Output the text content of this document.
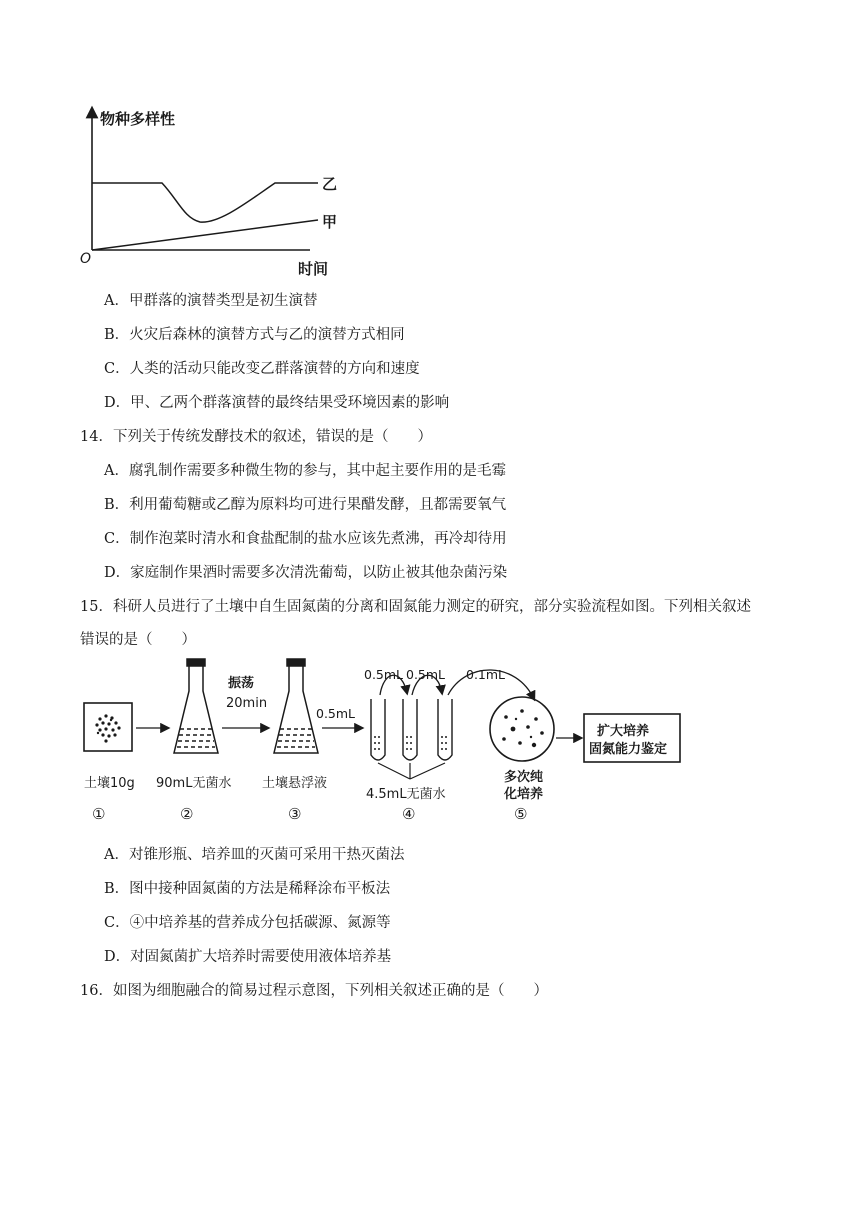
物种多样性
时间
O
乙
甲
A．甲群落的演替类型是初生演替
B．火灾后森林的演替方式与乙的演替方式相同
C．人类的活动只能改变乙群落演替的方向和速度
D．甲、乙两个群落演替的最终结果受环境因素的影响
14．下列关于传统发酵技术的叙述，错误的是（　　）
A．腐乳制作需要多种微生物的参与，其中起主要作用的是毛霉
B．利用葡萄糖或乙醇为原料均可进行果醋发酵，且都需要氧气
C．制作泡菜时清水和食盐配制的盐水应该先煮沸，再冷却待用
D．家庭制作果酒时需要多次清洗葡萄，以防止被其他杂菌污染
15．科研人员进行了土壤中自生固氮菌的分离和固氮能力测定的研究，部分实验流程如图。下列相关叙述
错误的是（　　）
振荡
20min
0.5mL
0.5mL 0.5mL 0.1mL
扩大培养
固氮能力鉴定
土壤10g 90mL无菌水 土壤悬浮液
4.5mL无菌水
多次纯
化培养
①	②	③	④	⑤
A．对锥形瓶、培养皿的灭菌可采用干热灭菌法
B．图中接种固氮菌的方法是稀释涂布平板法
C．④中培养基的营养成分包括碳源、氮源等
D．对固氮菌扩大培养时需要使用液体培养基
16．如图为细胞融合的简易过程示意图，下列相关叙述正确的是（　　）
